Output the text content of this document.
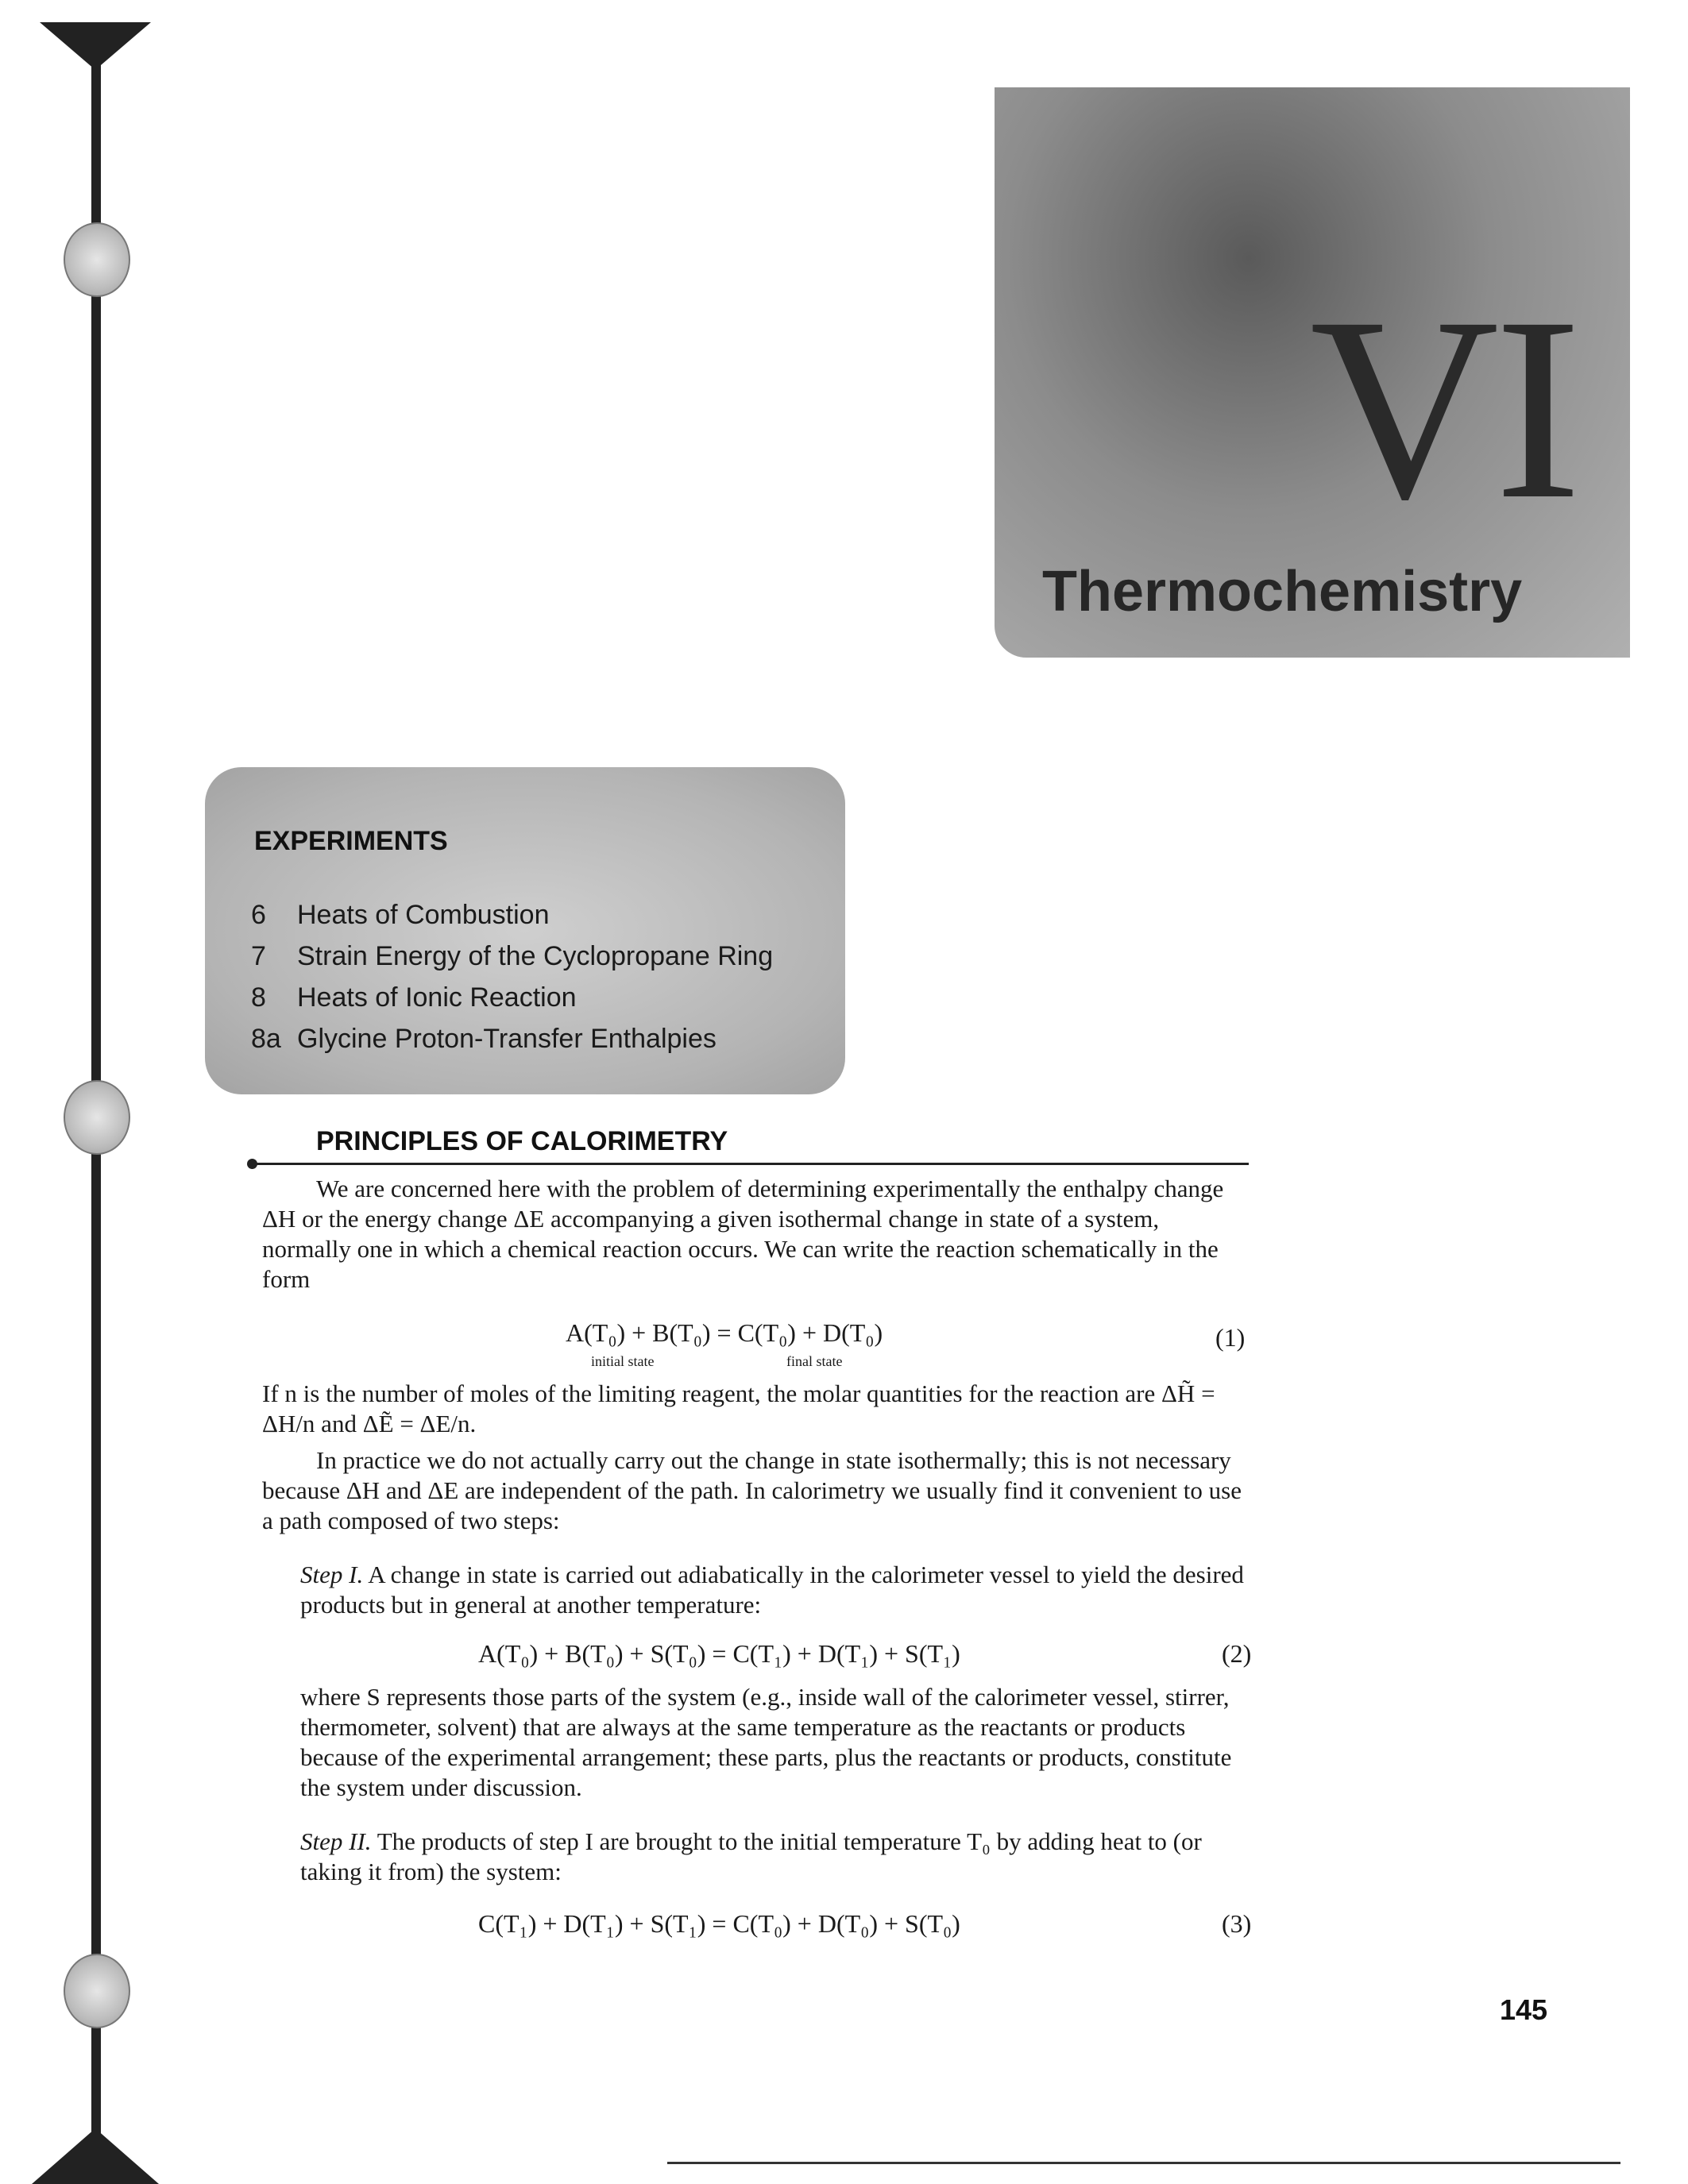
VI
Thermochemistry
EXPERIMENTS
6 Heats of Combustion
7 Strain Energy of the Cyclopropane Ring
8 Heats of Ionic Reaction
8a Glycine Proton-Transfer Enthalpies
PRINCIPLES OF CALORIMETRY
We are concerned here with the problem of determining experimentally the enthalpy change ΔH or the energy change ΔE accompanying a given isothermal change in state of a system, normally one in which a chemical reaction occurs. We can write the reaction schematically in the form
A(T₀) + B(T₀) = C(T₀) + D(T₀)	(1)
initial state	final state
If n is the number of moles of the limiting reagent, the molar quantities for the reaction are ΔH̃ = ΔH/n and ΔẼ = ΔE/n.
In practice we do not actually carry out the change in state isothermally; this is not necessary because ΔH and ΔE are independent of the path. In calorimetry we usually find it convenient to use a path composed of two steps:
Step I. A change in state is carried out adiabatically in the calorimeter vessel to yield the desired products but in general at another temperature:
A(T₀) + B(T₀) + S(T₀) = C(T₁) + D(T₁) + S(T₁)	(2)
where S represents those parts of the system (e.g., inside wall of the calorimeter vessel, stirrer, thermometer, solvent) that are always at the same temperature as the reactants or products because of the experimental arrangement; these parts, plus the reactants or products, constitute the system under discussion.
Step II. The products of step I are brought to the initial temperature T₀ by adding heat to (or taking it from) the system:
C(T₁) + D(T₁) + S(T₁) = C(T₀) + D(T₀) + S(T₀)	(3)
145
